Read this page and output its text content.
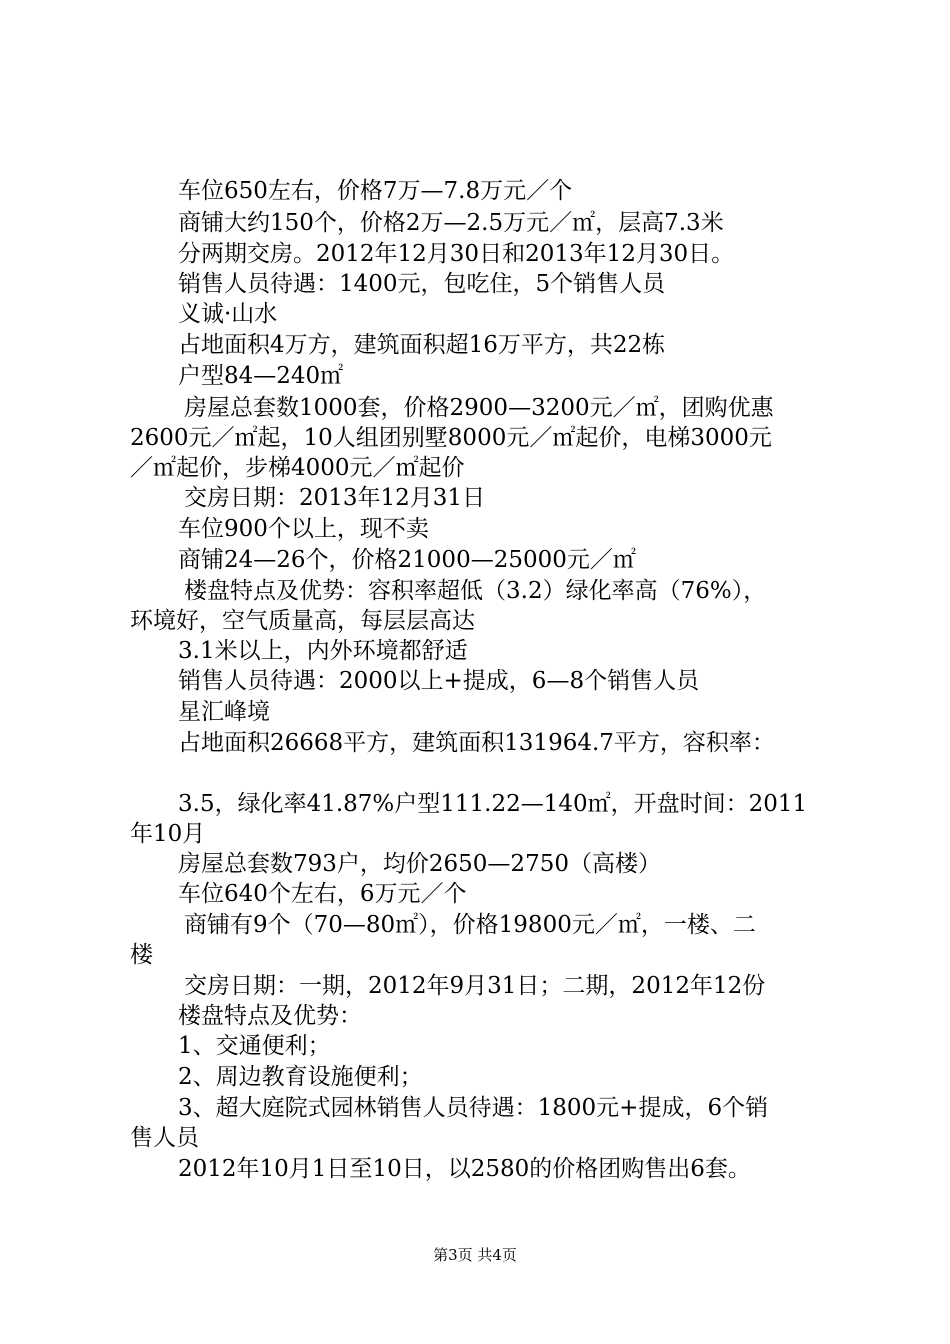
车位650左右，价格7万—7.8万元／个
商铺大约150个，价格2万—2.5万元／㎡，层高7.3米
分两期交房。2012年12月30日和2013年12月30日。
销售人员待遇：1400元，包吃住，5个销售人员
义诚·山水
占地面积4万方，建筑面积超16万平方，共22栋
户型84—240㎡
房屋总套数1000套，价格2900—3200元／㎡，团购优惠
2600元／㎡起，10人组团别墅8000元／㎡起价，电梯3000元
／㎡起价，步梯4000元／㎡起价
交房日期：2013年12月31日
车位900个以上，现不卖
商铺24—26个，价格21000—25000元／㎡
楼盘特点及优势：容积率超低（3.2）绿化率高（76%），
环境好，空气质量高，每层层高达
3.1米以上，内外环境都舒适
销售人员待遇：2000以上+提成，6—8个销售人员
星汇峰境
占地面积26668平方，建筑面积131964.7平方，容积率：
3.5，绿化率41.87%户型111.22—140㎡，开盘时间：2011
年10月
房屋总套数793户，均价2650—2750（高楼）
车位640个左右，6万元／个
商铺有9个（70—80㎡），价格19800元／㎡，一楼、二
楼
交房日期：一期，2012年9月31日；二期，2012年12份
楼盘特点及优势：
1、交通便利；
2、周边教育设施便利；
3、超大庭院式园林销售人员待遇：1800元+提成，6个销
售人员
2012年10月1日至10日，以2580的价格团购售出6套。
第3页 共4页
